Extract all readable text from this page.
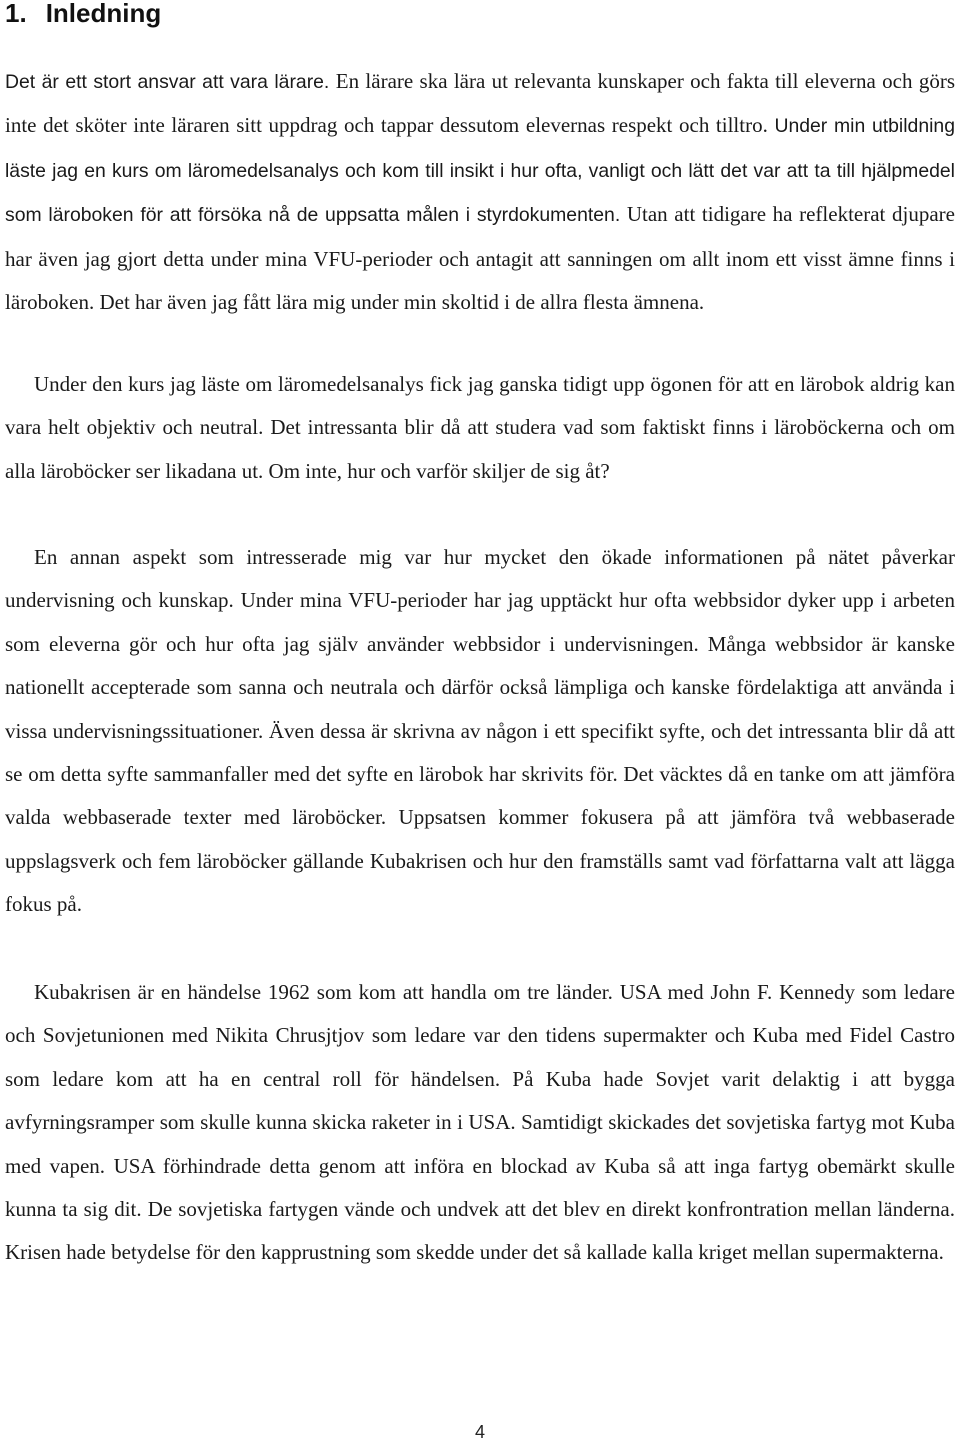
1. Inledning

Det är ett stort ansvar att vara lärare. En lärare ska lära ut relevanta kunskaper och fakta till eleverna och görs inte det sköter inte läraren sitt uppdrag och tappar dessutom elevernas respekt och tilltro. Under min utbildning läste jag en kurs om läromedelsanalys och kom till insikt i hur ofta, vanligt och lätt det var att ta till hjälpmedel som läroboken för att försöka nå de uppsatta målen i styrdokumenten. Utan att tidigare ha reflekterat djupare har även jag gjort detta under mina VFU-perioder och antagit att sanningen om allt inom ett visst ämne finns i läroboken. Det har även jag fått lära mig under min skoltid i de allra flesta ämnena.

Under den kurs jag läste om läromedelsanalys fick jag ganska tidigt upp ögonen för att en lärobok aldrig kan vara helt objektiv och neutral. Det intressanta blir då att studera vad som faktiskt finns i läroböckerna och om alla läroböcker ser likadana ut. Om inte, hur och varför skiljer de sig åt?

En annan aspekt som intresserade mig var hur mycket den ökade informationen på nätet påverkar undervisning och kunskap. Under mina VFU-perioder har jag upptäckt hur ofta webbsidor dyker upp i arbeten som eleverna gör och hur ofta jag själv använder webbsidor i undervisningen. Många webbsidor är kanske nationellt accepterade som sanna och neutrala och därför också lämpliga och kanske fördelaktiga att använda i vissa undervisningssituationer. Även dessa är skrivna av någon i ett specifikt syfte, och det intressanta blir då att se om detta syfte sammanfaller med det syfte en lärobok har skrivits för. Det väcktes då en tanke om att jämföra valda webbaserade texter med läroböcker. Uppsatsen kommer fokusera på att jämföra två webbaserade uppslagsverk och fem läroböcker gällande Kubakrisen och hur den framställs samt vad författarna valt att lägga fokus på.

Kubakrisen är en händelse 1962 som kom att handla om tre länder. USA med John F. Kennedy som ledare och Sovjetunionen med Nikita Chrusjtjov som ledare var den tidens supermakter och Kuba med Fidel Castro som ledare kom att ha en central roll för händelsen. På Kuba hade Sovjet varit delaktig i att bygga avfyrningsramper som skulle kunna skicka raketer in i USA. Samtidigt skickades det sovjetiska fartyg mot Kuba med vapen. USA förhindrade detta genom att införa en blockad av Kuba så att inga fartyg obemärkt skulle kunna ta sig dit. De sovjetiska fartygen vände och undvek att det blev en direkt konfrontration mellan länderna. Krisen hade betydelse för den kapprustning som skedde under det så kallade kalla kriget mellan supermakterna.

4
